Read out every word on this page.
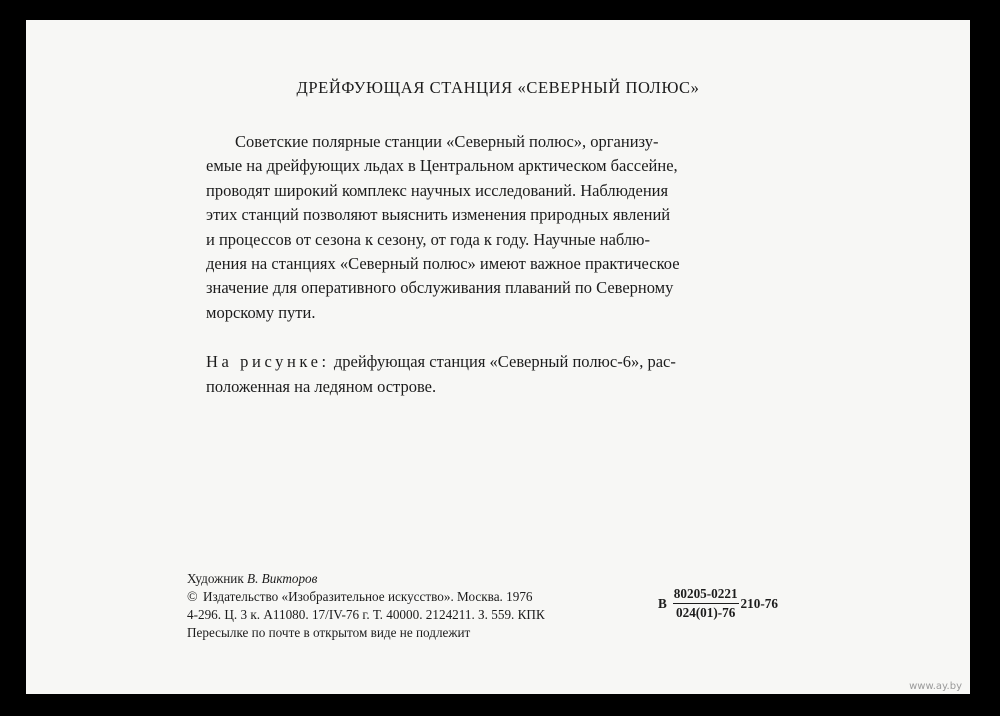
ДРЕЙФУЮЩАЯ СТАНЦИЯ «СЕВЕРНЫЙ ПОЛЮС»

Советские полярные станции «Северный полюс», организу-
емые на дрейфующих льдах в Центральном арктическом бассейне,
проводят широкий комплекс научных исследований. Наблюдения
этих станций позволяют выяснить изменения природных явлений
и процессов от сезона к сезону, от года к году. Научные наблю-
дения на станциях «Северный полюс» имеют важное практическое
значение для оперативного обслуживания плаваний по Северному
морскому пути.

На рисунке: дрейфующая станция «Северный полюс-6», рас-
положенная на ледяном острове.

Художник В. Викторов
© Издательство «Изобразительное искусство». Москва. 1976
4-296. Ц. 3 к. А11080. 17/IV-76 г. Т. 40000. 2124211. З. 559. КПК
Пересылке по почте в открытом виде не подлежит
В $\frac{80205-0221}{024(01)-76} 210-76$
www.ay.by
